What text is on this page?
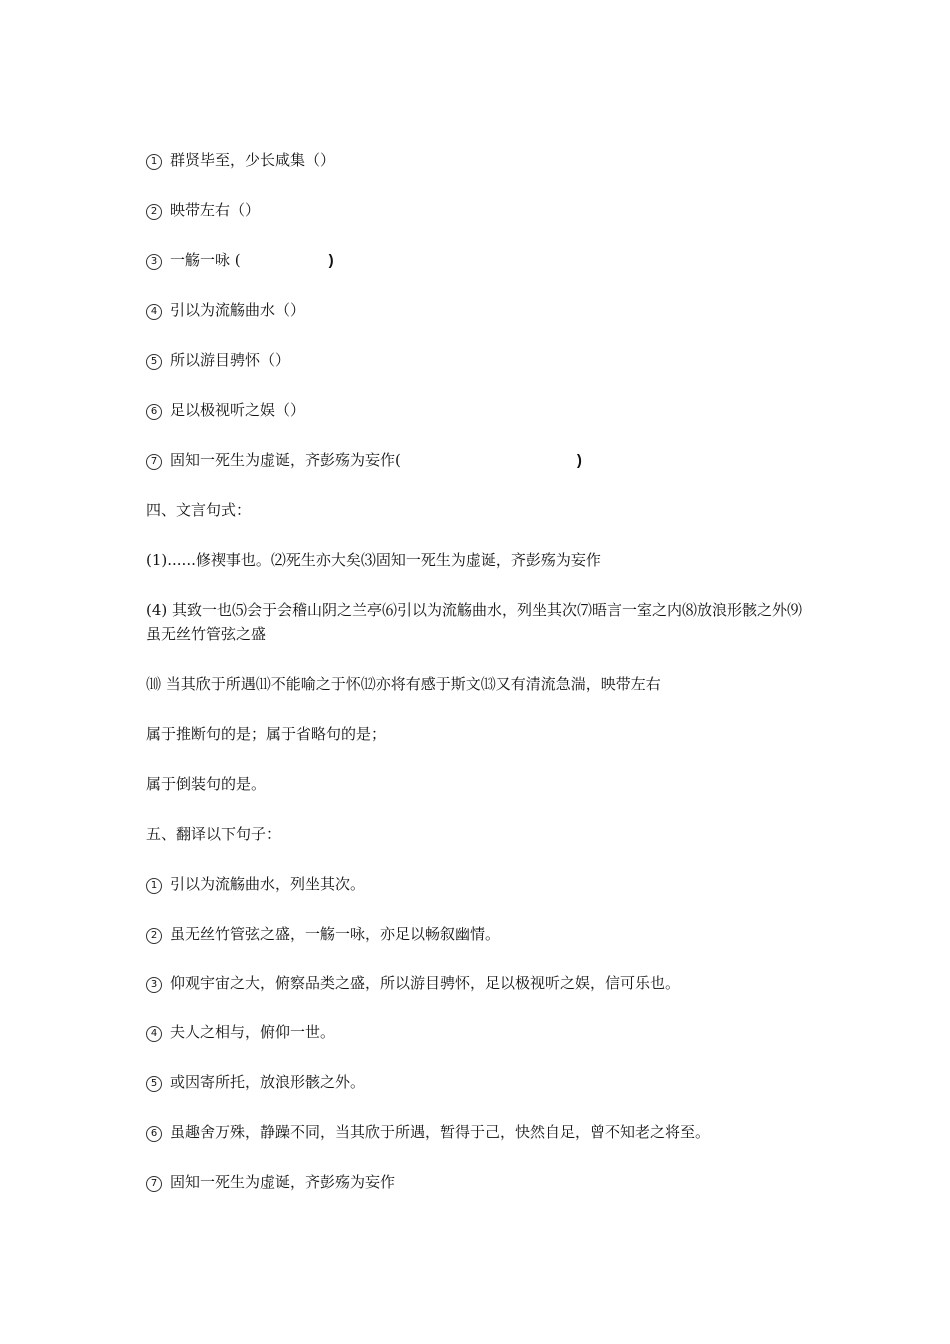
1 群贤毕至，少长咸集（）
2 映带左右（）
3 一觞一咏 (	)
4 引以为流觞曲水（）
5 所以游目骋怀（）
6 足以极视听之娱（）
7 固知一死生为虚诞，齐彭殇为妄作(	)
四、文言句式：
(1)......修禊事也。⑵死生亦大矣⑶固知一死生为虚诞，齐彭殇为妄作
(4) 其致一也⑸会于会稽山阴之兰亭⑹引以为流觞曲水，列坐其次⑺晤言一室之内⑻放浪形骸之外⑼虽无丝竹管弦之盛
⑽ 当其欣于所遇⑾不能喻之于怀⑿亦将有感于斯文⒀又有清流急湍，映带左右
属于推断句的是；属于省略句的是；
属于倒装句的是。
五、翻译以下句子：
1 引以为流觞曲水，列坐其次。
2 虽无丝竹管弦之盛，一觞一咏，亦足以畅叙幽情。
3 仰观宇宙之大，俯察品类之盛，所以游目骋怀，足以极视听之娱，信可乐也。
4 夫人之相与，俯仰一世。
5 或因寄所托，放浪形骸之外。
6 虽趣舍万殊，静躁不同，当其欣于所遇，暂得于己，快然自足，曾不知老之将至。
7 固知一死生为虚诞，齐彭殇为妄作
